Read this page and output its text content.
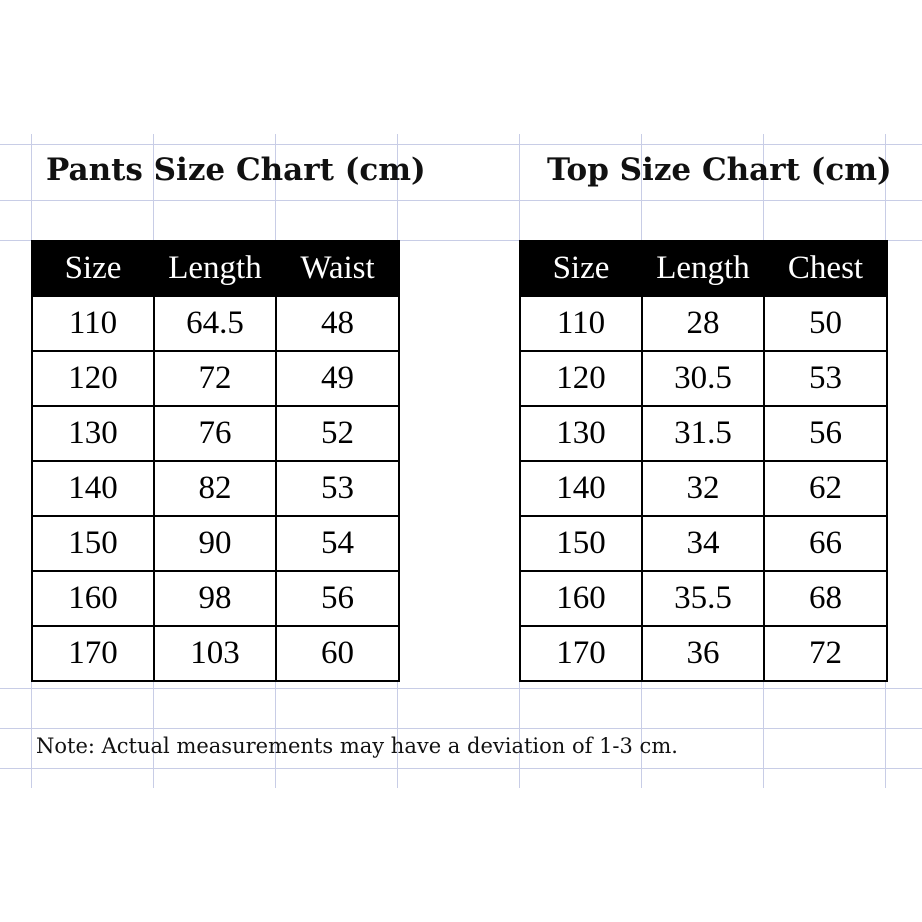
Pants Size Chart (cm)	Top Size Chart (cm)
Size	Length	Waist
110	64.5	48
120	72	49
130	76	52
140	82	53
150	90	54
160	98	56
170	103	60
Size	Length	Chest
110	28	50
120	30.5	53
130	31.5	56
140	32	62
150	34	66
160	35.5	68
170	36	72
Note: Actual measurements may have a deviation of 1-3 cm.
